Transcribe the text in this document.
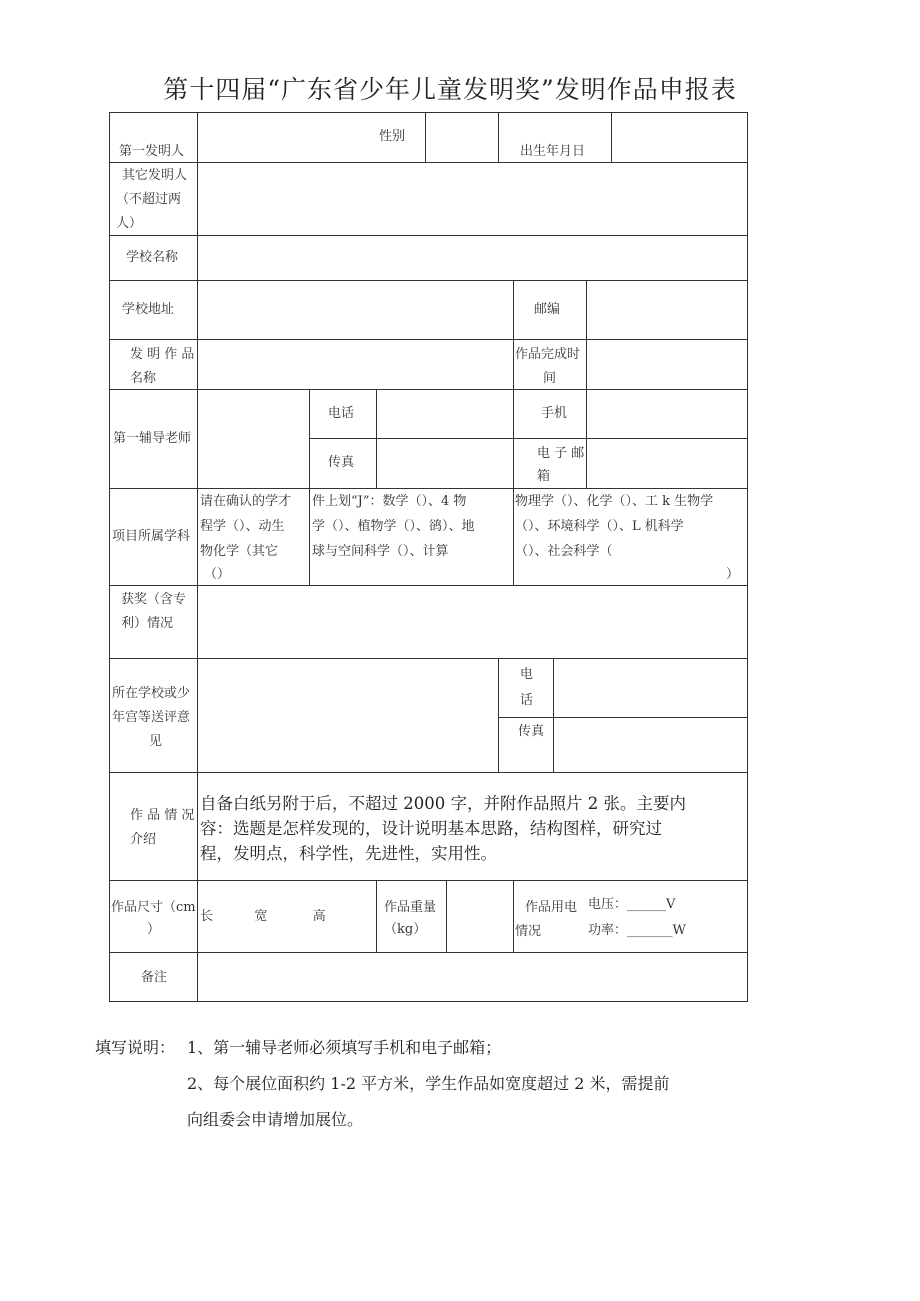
第十四届“广东省少年儿童发明奖”发明作品申报表
第一发明人
性别
出生年月日
其它发明人
（不超过两
人）
学校名称
学校地址	邮编
发 明 作 品
名称
作品完成时
间
第一辅导老师
电话	手机
传真
电 子 邮
箱
项目所属学科
请在确认的学才
程学（）、动生
物化学（其它
（）
件上划“J”：数学（）、4 物
学（）、植物学（）、鹆）、地
球与空间科学（）、计算
物理学（）、化学（）、工 k 生物学
（）、环境科学（）、L 机科学
（）、社会科学（
）
获奖（含专
利）情况
所在学校或少
年宫等送评意
见
电
话
传真
作 品 情 况
介绍
自备白纸另附于后，不超过 2000 字，并附作品照片 2 张。主要内
容：选题是怎样发现的，设计说明基本思路，结构图样，研究过
程，发明点，科学性，先进性，实用性。
作品尺寸（cm
）
长          宽           高
作品重量
（kg）
作品用电
情况
电压：______V
功率：_______W
备注
填写说明： 1、第一辅导老师必须填写手机和电子邮箱；
2、每个展位面积约 1-2 平方米，学生作品如宽度超过 2 米，需提前
向组委会申请增加展位。
